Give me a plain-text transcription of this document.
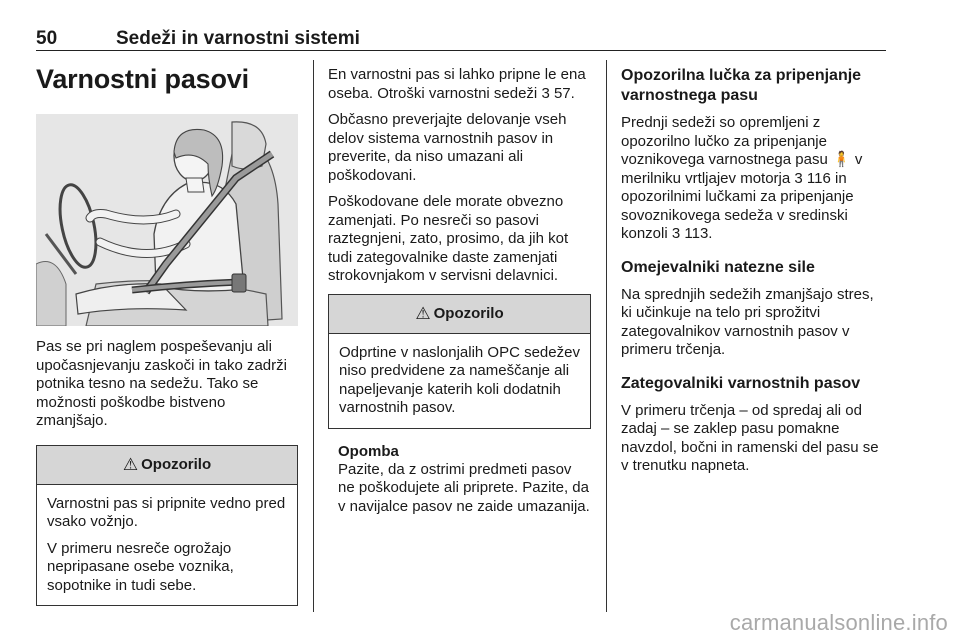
50	Sedeži in varnostni sistemi
Varnostni pasovi

Pas se pri naglem pospeševanju ali upočasnjevanju zaskoči in tako zadrži potnika tesno na sedežu. Tako se možnosti poškodbe bistveno zmanjšajo.

⚠ Opozorilo

Varnostni pas si pripnite vedno pred vsako vožnjo.

V primeru nesreče ogrožajo nepripasane osebe voznika, sopotnike in tudi sebe.

En varnostni pas si lahko pripne le ena oseba. Otroški varnostni sedeži 3 57.

Občasno preverjajte delovanje vseh delov sistema varnostnih pasov in preverite, da niso umazani ali poškodovani.

Poškodovane dele morate obvezno zamenjati. Po nesreči so pasovi raztegnjeni, zato, prosimo, da jih kot tudi zategovalnike daste zamenjati strokovnjakom v servisni delavnici.

⚠ Opozorilo

Odprtine v naslonjalih OPC sedežev niso predvidene za nameščanje ali napeljevanje katerih koli dodatnih varnostnih pasov.

Opomba

Pazite, da z ostrimi predmeti pasov ne poškodujete ali priprete. Pazite, da v navijalce pasov ne zaide umazanija.

Opozorilna lučka za pripenjanje varnostnega pasu

Prednji sedeži so opremljeni z opozorilno lučko za pripenjanje voznikovega varnostnega pasu 🧍 v merilniku vrtljajev motorja 3 116 in opozorilnimi lučkami za pripenjanje sovoznikovega sedeža v sredinski konzoli 3 113.

Omejevalniki natezne sile

Na sprednjih sedežih zmanjšajo stres, ki učinkuje na telo pri sprožitvi zategovalnikov varnostnih pasov v primeru trčenja.

Zategovalniki varnostnih pasov

V primeru trčenja – od spredaj ali od zadaj – se zaklep pasu pomakne navzdol, bočni in ramenski del pasu se v trenutku napneta.

carmanualsonline.info
